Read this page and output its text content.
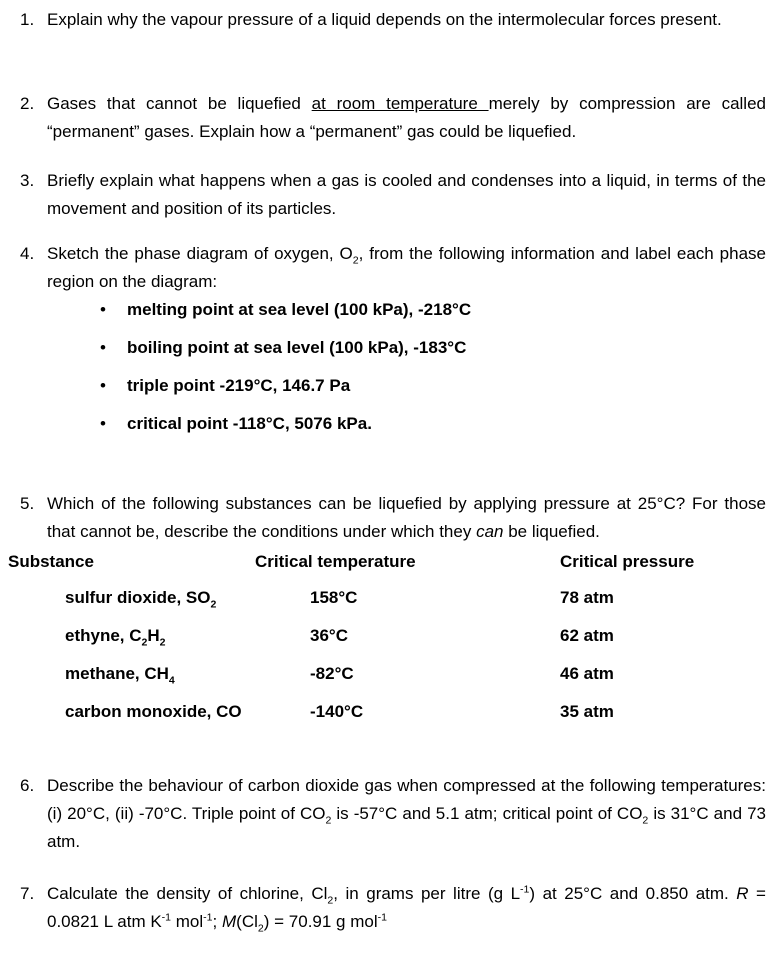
1. Explain why the vapour pressure of a liquid depends on the intermolecular forces present.

2. Gases that cannot be liquefied at room temperature merely by compression are called “permanent” gases. Explain how a “permanent” gas could be liquefied.

3. Briefly explain what happens when a gas is cooled and condenses into a liquid, in terms of the movement and position of its particles.

4. Sketch the phase diagram of oxygen, $O_2$, from the following information and label each phase region on the diagram:

•	melting point at sea level (100 kPa), -218°C
•	boiling point at sea level (100 kPa), -183°C
•	triple point -219°C, 146.7 Pa
•	critical point -118°C, 5076 kPa.
5. Which of the following substances can be liquefied by applying pressure at 25°C? For those that cannot be, describe the conditions under which they can be liquefied.

Substance	Critical temperature	Critical pressure
sulfur dioxide, $SO_2$	158°C	78 atm
ethyne, $C_2H_2$	36°C	62 atm
methane, $CH_4$	-82°C	46 atm
carbon monoxide, CO	-140°C	35 atm
6. Describe the behaviour of carbon dioxide gas when compressed at the following temperatures: (i) 20°C, (ii) -70°C. Triple point of $CO_2$ is -57°C and 5.1 atm; critical point of $CO_2$ is 31°C and 73 atm.

7. Calculate the density of chlorine, $Cl_2$, in grams per litre (g $L^{-1}$) at 25°C and 0.850 atm. R = 0.0821 L atm $K^{-1}$ mol$^{-1}$; $M(Cl_2) = 70.91$ g mol$^{-1}$
